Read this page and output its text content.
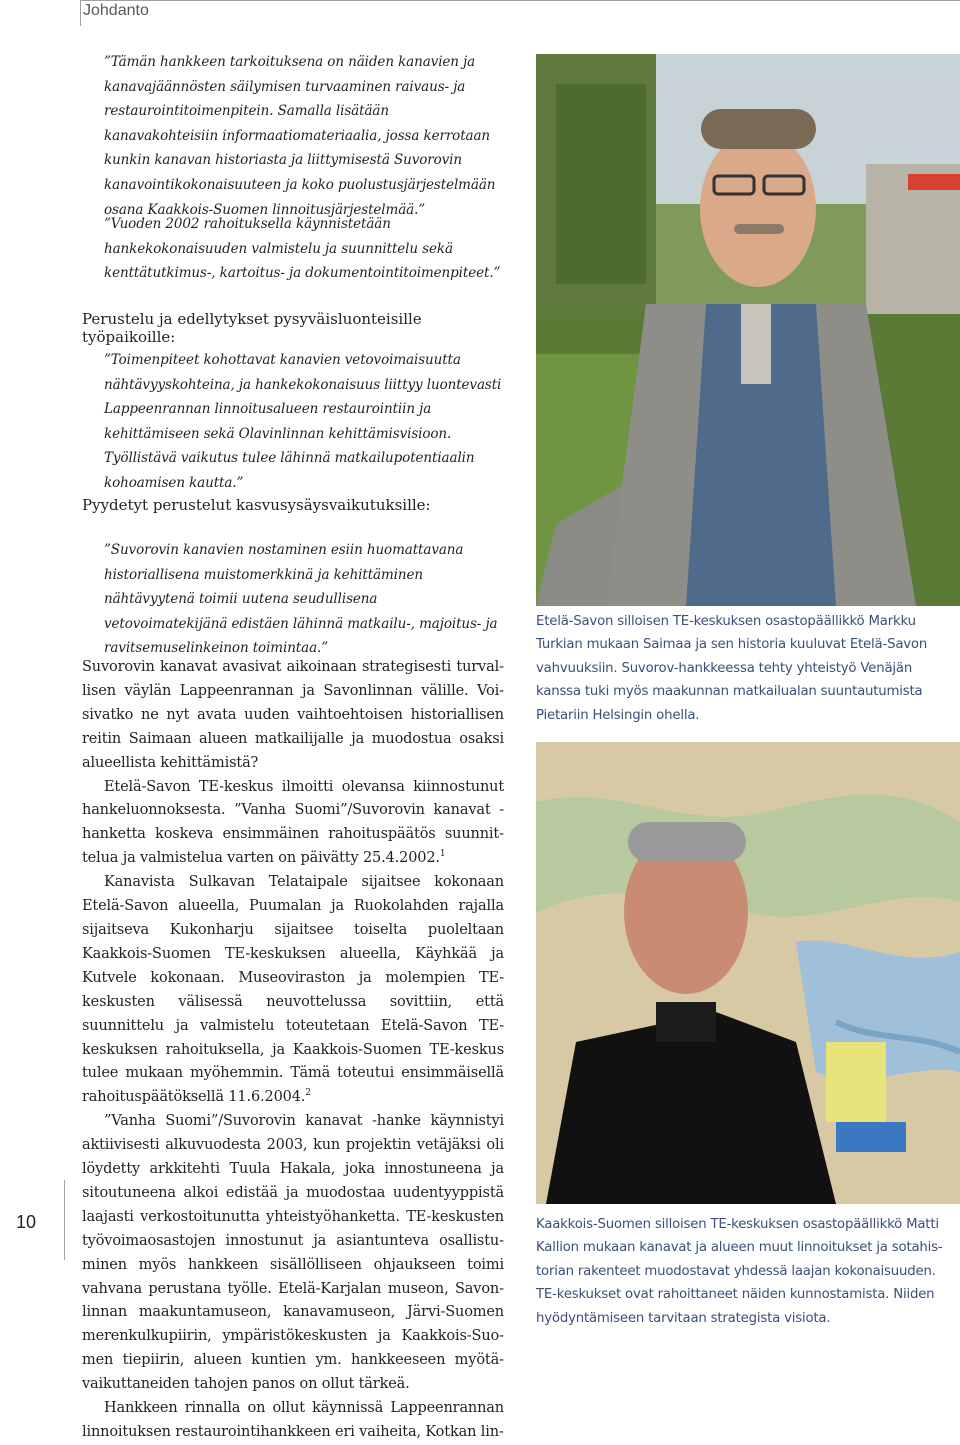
Johdanto

”Tämän hankkeen tarkoituksena on näiden kanavien ja kanavajäännösten säilymisen turvaaminen raivaus- ja restaurointitoimenpitein. Samalla lisätään kanavakohteisiin informaatiomateriaalia, jossa kerrotaan kunkin kanavan historiasta ja liittymisestä Suvorovin kanavointikokonaisuuteen ja koko puolustusjärjestelmään osana Kaakkois-Suomen linnoitusjärjestelmää.”

”Vuoden 2002 rahoituksella käynnistetään hankekokonaisuuden valmistelu ja suunnittelu sekä kenttätutkimus-, kartoitus- ja dokumentointitoimenpiteet.”

Perustelu ja edellytykset pysyväisluonteisille työpaikoille:

”Toimenpiteet kohottavat kanavien vetovoimaisuutta nähtävyyskohteina, ja hankekokonaisuus liittyy luontevasti Lappeenrannan linnoitusalueen restaurointiin ja kehittämiseen sekä Olavinlinnan kehittämisvisioon. Työllistävä vaikutus tulee lähinnä matkailupotentiaalin kohoamisen kautta.”

Pyydetyt perustelut kasvusysäysvaikutuksille:

”Suvorovin kanavien nostaminen esiin huomattavana historiallisena muistomerkkinä ja kehittäminen nähtävyytenä toimii uutena seudullisena vetovoimatekijänä edistäen lähinnä matkailu-, majoitus- ja ravitsemuselinkeinon toimintaa.”

Suvorovin kanavat avasivat aikoinaan strategisesti turvallisen väylän Lappeenrannan ja Savonlinnan välille. Voisivatko ne nyt avata uuden vaihtoehtoisen historiallisen reitin Saimaan alueen matkailijalle ja muodostua osaksi alueellista kehittämistä?

Etelä-Savon TE-keskus ilmoitti olevansa kiinnostunut hankeluonnoksesta. ”Vanha Suomi”/Suvorovin kanavat -hanketta koskeva ensimmäinen rahoituspäätös suunnittelua ja valmistelua varten on päivätty 25.4.2002.$^1$

Kanavista Sulkavan Telataipale sijaitsee kokonaan Etelä-Savon alueella, Puumalan ja Ruokolahden rajalla sijaitseva Kukonharju sijaitsee toiselta puoleltaan Kaakkois-Suomen TE-keskuksen alueella, Käyhkää ja Kutvele kokonaan. Museoviraston ja molempien TE-keskusten välisessä neuvottelussa sovittiin, että suunnittelu ja valmistelu toteutetaan Etelä-Savon TE-keskuksen rahoituksella, ja Kaakkois-Suomen TE-keskus tulee mukaan myöhemmin. Tämä toteutui ensimmäisellä rahoituspäätöksellä 11.6.2004.$^2$

”Vanha Suomi”/Suvorovin kanavat -hanke käynnistyi aktiivisesti alkuvuodesta 2003, kun projektin vetäjäksi oli löydetty arkkitehti Tuula Hakala, joka innostuneena ja sitoutuneena alkoi edistää ja muodostaa uudentyyppistä laajasti verkostoitunutta yhteistyöhanketta. TE-keskusten työvoimaosastojen innostunut ja asiantunteva osallistuminen myös hankkeen sisällölliseen ohjaukseen toimi vahvana perustana työlle. Etelä-Karjalan museon, Savonlinnan maakuntamuseon, kanavamuseon, Järvi-Suomen merenkulkupiirin, ympäristökeskusten ja Kaakkois-Suomen tiepiirin, alueen kuntien ym. hankkeeseen myötävaikuttaneiden tahojen panos on ollut tärkeä.

Hankkeen rinnalla on ollut käynnissä Lappeenrannan linnoituksen restaurointihankkeen eri vaiheita, Kotkan lin-

Etelä-Savon silloisen TE-keskuksen osastopäällikkö Markku Turkian mukaan Saimaa ja sen historia kuuluvat Etelä-Savon vahvuuksiin. Suvorov-hankkeessa tehty yhteistyö Venäjän kanssa tuki myös maakunnan matkailualan suuntautumista Pietariin Helsingin ohella.
Kaakkois-Suomen silloisen TE-keskuksen osastopäällikkö Matti Kallion mukaan kanavat ja alueen muut linnoitukset ja sotahistorian rakenteet muodostavat yhdessä laajan kokonaisuuden. TE-keskukset ovat rahoittaneet näiden kunnostamista. Niiden hyödyntämiseen tarvitaan strategista visiota.
10
